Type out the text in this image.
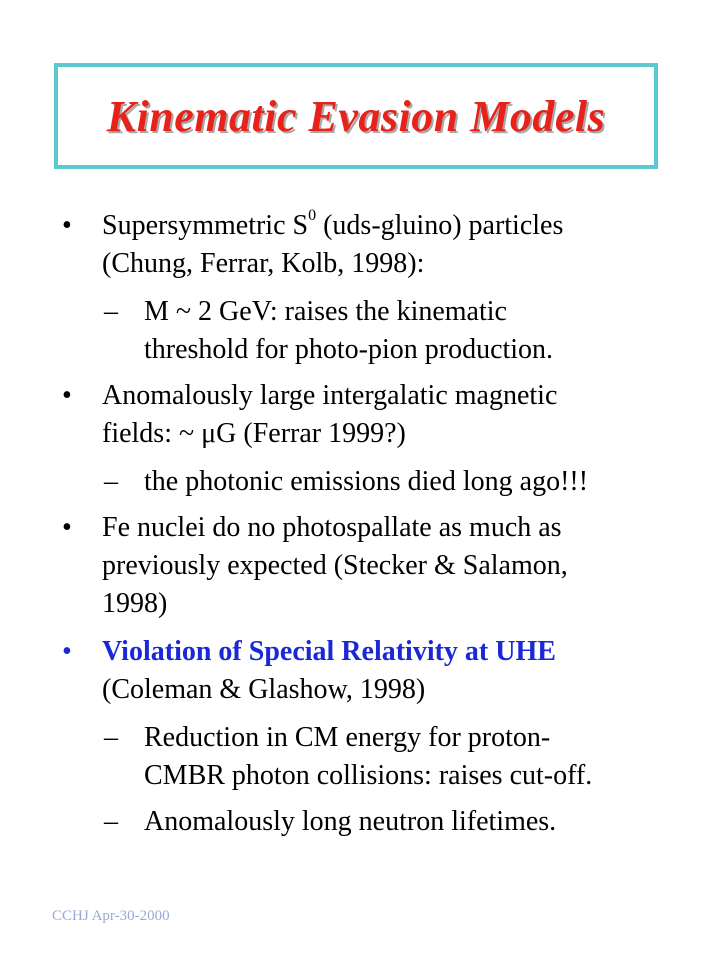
Kinematic Evasion Models
• Supersymmetric $S^0$ (uds-gluino) particles
(Chung, Ferrar, Kolb, 1998):
– M ~ 2 GeV: raises the kinematic
threshold for photo-pion production.
• Anomalously large intergalatic magnetic
fields: ~ μG (Ferrar 1999?)
– the photonic emissions died long ago!!!
• Fe nuclei do no photospallate as much as
previously expected (Stecker & Salamon,
1998)
• Violation of Special Relativity at UHE
(Coleman & Glashow, 1998)
– Reduction in CM energy for proton-
CMBR photon collisions: raises cut-off.
– Anomalously long neutron lifetimes.
CCHJ Apr-30-2000
